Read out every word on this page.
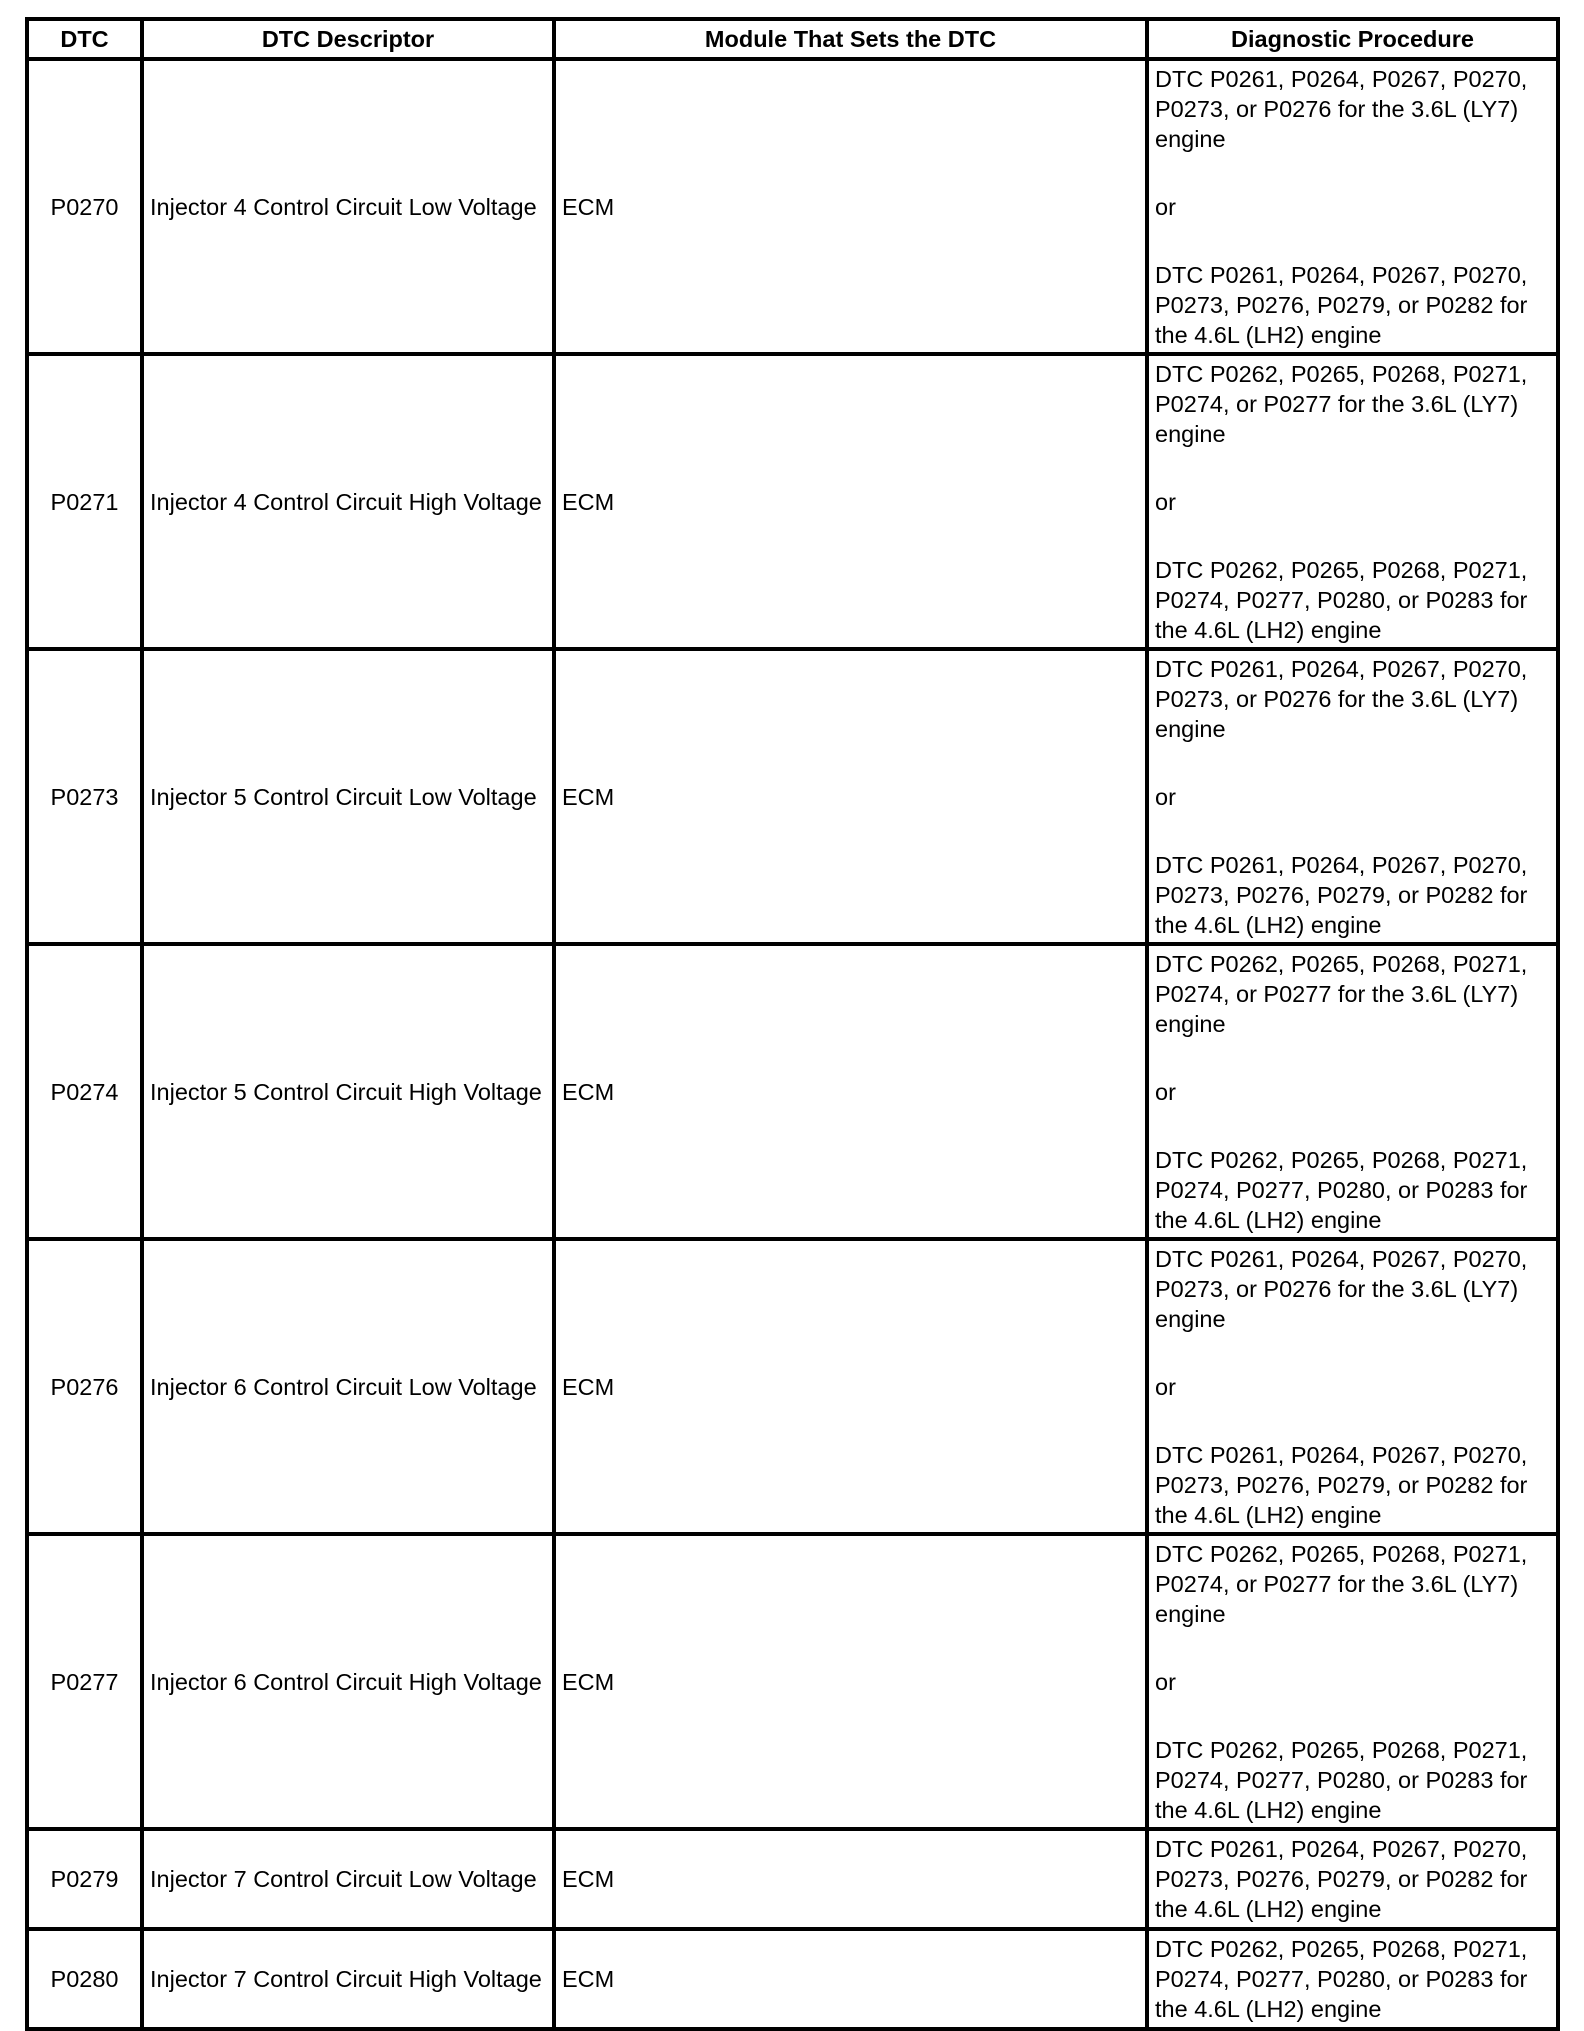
DTC	DTC Descriptor	Module That Sets the DTC	Diagnostic Procedure
P0270	Injector 4 Control Circuit Low Voltage	ECM	DTC P0261, P0264, P0267, P0270, P0273, or P0276 for the 3.6L (LY7) engine
or
DTC P0261, P0264, P0267, P0270, P0273, P0276, P0279, or P0282 for the 4.6L (LH2) engine

P0271	Injector 4 Control Circuit High Voltage	ECM	DTC P0262, P0265, P0268, P0271, P0274, or P0277 for the 3.6L (LY7) engine
or
DTC P0262, P0265, P0268, P0271, P0274, P0277, P0280, or P0283 for the 4.6L (LH2) engine

P0273	Injector 5 Control Circuit Low Voltage	ECM	DTC P0261, P0264, P0267, P0270, P0273, or P0276 for the 3.6L (LY7) engine
or
DTC P0261, P0264, P0267, P0270, P0273, P0276, P0279, or P0282 for the 4.6L (LH2) engine

P0274	Injector 5 Control Circuit High Voltage	ECM	DTC P0262, P0265, P0268, P0271, P0274, or P0277 for the 3.6L (LY7) engine
or
DTC P0262, P0265, P0268, P0271, P0274, P0277, P0280, or P0283 for the 4.6L (LH2) engine

P0276	Injector 6 Control Circuit Low Voltage	ECM	DTC P0261, P0264, P0267, P0270, P0273, or P0276 for the 3.6L (LY7) engine
or
DTC P0261, P0264, P0267, P0270, P0273, P0276, P0279, or P0282 for the 4.6L (LH2) engine

P0277	Injector 6 Control Circuit High Voltage	ECM	DTC P0262, P0265, P0268, P0271, P0274, or P0277 for the 3.6L (LY7) engine
or
DTC P0262, P0265, P0268, P0271, P0274, P0277, P0280, or P0283 for the 4.6L (LH2) engine

P0279	Injector 7 Control Circuit Low Voltage	ECM	DTC P0261, P0264, P0267, P0270, P0273, P0276, P0279, or P0282 for the 4.6L (LH2) engine

P0280	Injector 7 Control Circuit High Voltage	ECM	DTC P0262, P0265, P0268, P0271, P0274, P0277, P0280, or P0283 for the 4.6L (LH2) engine
